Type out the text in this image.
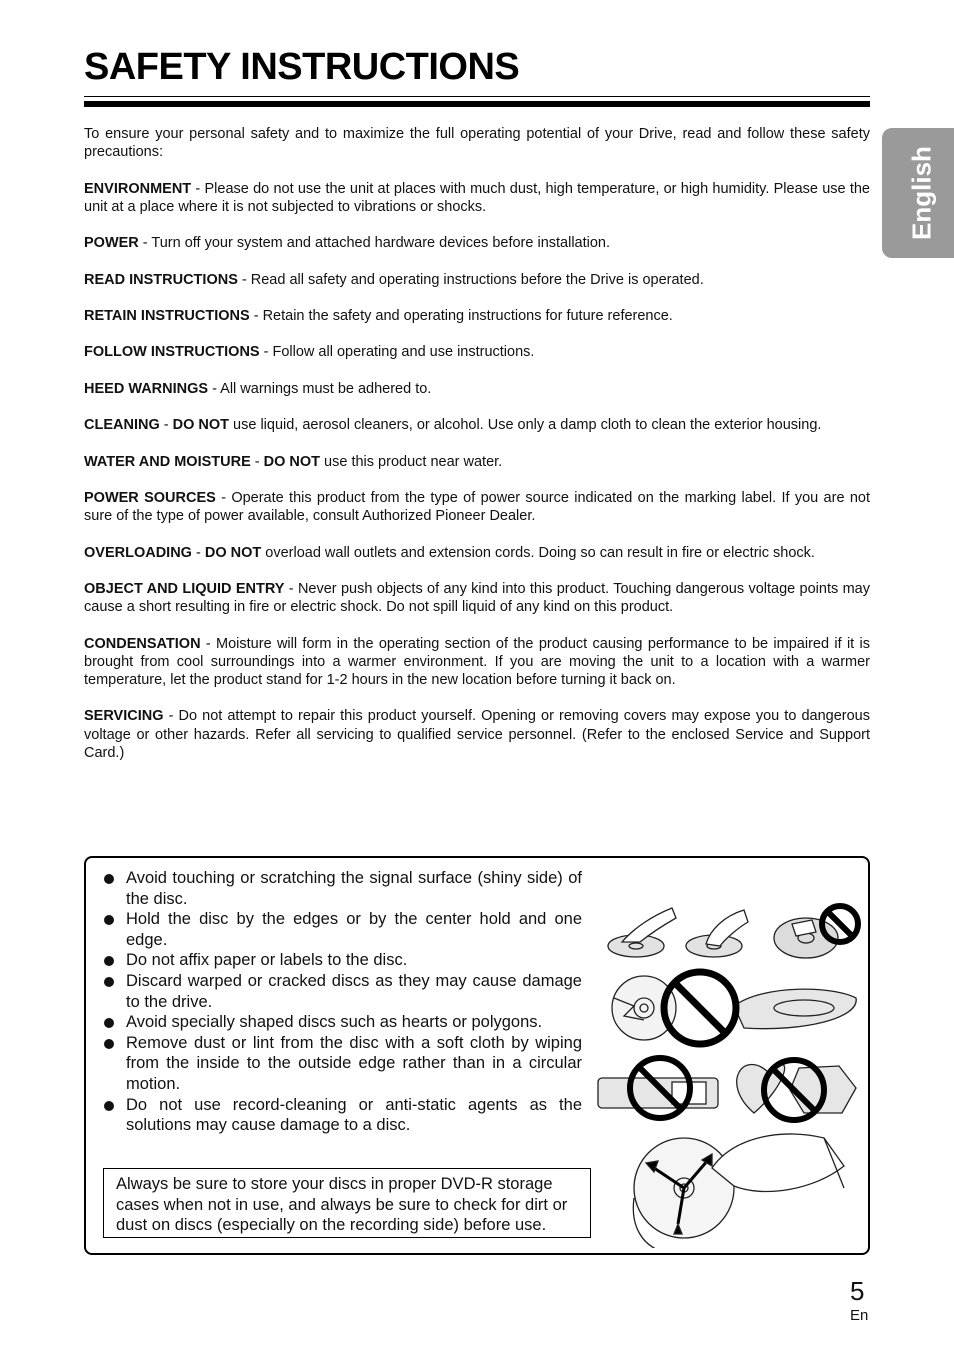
SAFETY INSTRUCTIONS
English

To ensure your personal safety and to maximize the full operating potential of your Drive, read and follow these safety precautions:

ENVIRONMENT - Please do not use the unit at places with much dust, high temperature, or high humidity. Please use the unit at a place where it is not subjected to vibrations or shocks.

POWER - Turn off your system and attached hardware devices before installation.

READ INSTRUCTIONS - Read all safety and operating instructions before the Drive is operated.

RETAIN INSTRUCTIONS - Retain the safety and operating instructions for future reference.

FOLLOW INSTRUCTIONS - Follow all operating and use instructions.

HEED WARNINGS - All warnings must be adhered to.

CLEANING - DO NOT use liquid, aerosol cleaners, or alcohol. Use only a damp cloth to clean the exterior housing.

WATER AND MOISTURE - DO NOT use this product near water.

POWER SOURCES - Operate this product from the type of power source indicated on the marking label. If you are not sure of the type of power available, consult Authorized Pioneer Dealer.

OVERLOADING - DO NOT overload wall outlets and extension cords. Doing so can result in fire or electric shock.

OBJECT AND LIQUID ENTRY - Never push objects of any kind into this product. Touching dangerous voltage points may cause a short resulting in fire or electric shock. Do not spill liquid of any kind on this product.

CONDENSATION - Moisture will form in the operating section of the product causing performance to be impaired if it is brought from cool surroundings into a warmer environment. If you are moving the unit to a location with a warmer temperature, let the product stand for 1-2 hours in the new location before turning it back on.

SERVICING - Do not attempt to repair this product yourself. Opening or removing covers may expose you to dangerous voltage or other hazards. Refer all servicing to qualified service personnel. (Refer to the enclosed Service and Support Card.)

Avoid touching or scratching the signal surface (shiny side) of the disc.
Hold the disc by the edges or by the center hold and one edge.
Do not affix paper or labels to the disc.
Discard warped or cracked discs as they may cause damage to the drive.
Avoid specially shaped discs such as hearts or polygons.
Remove dust or lint from the disc with a soft cloth by wiping from the inside to the outside edge rather than in a circular motion.
Do not use record-cleaning or anti-static agents as the solutions may cause damage to a disc.
Always be sure to store your discs in proper DVD-R storage cases when not in use, and always be sure to check for dirt or dust on discs (especially on the recording side) before use.
5
En
